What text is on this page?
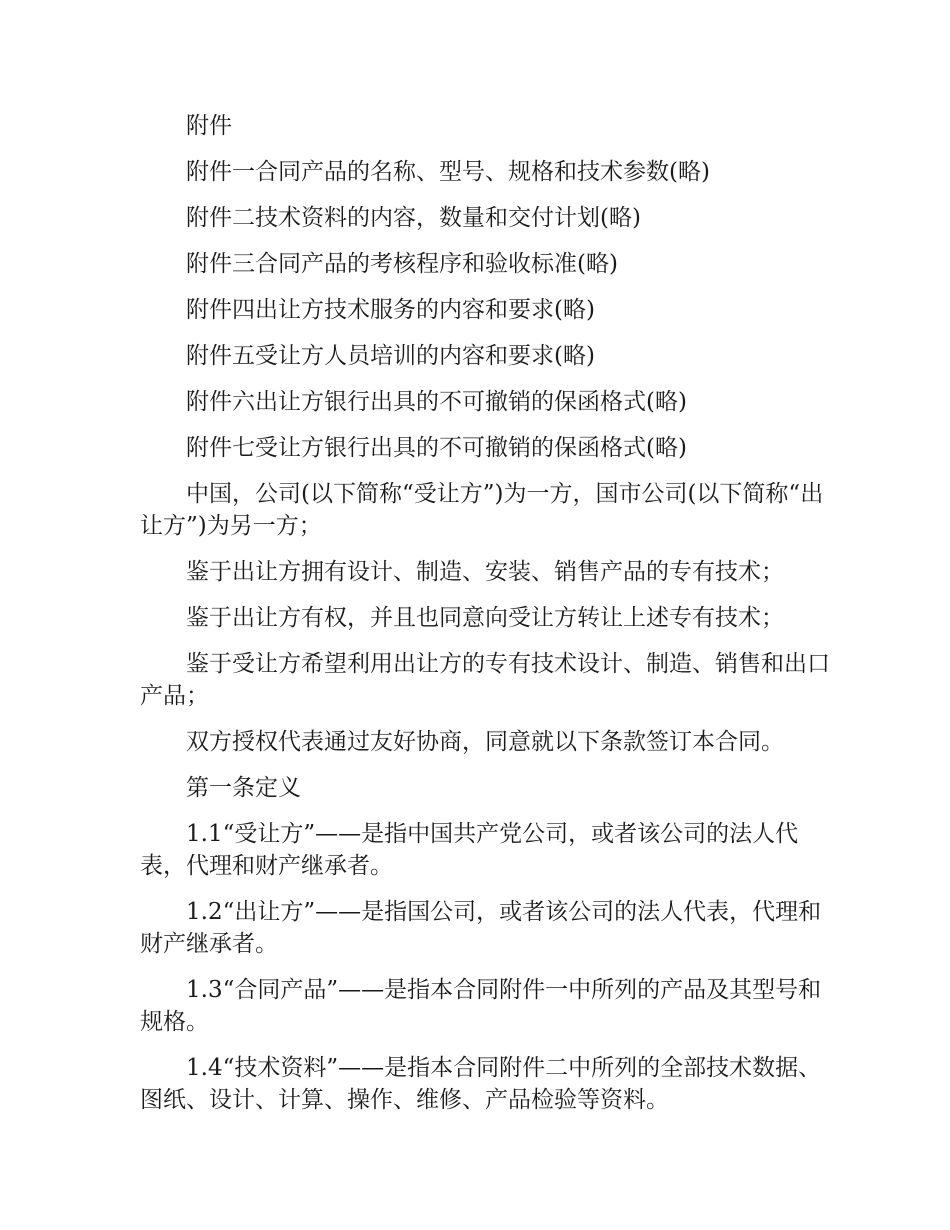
附件

附件一合同产品的名称、型号、规格和技术参数(略)

附件二技术资料的内容，数量和交付计划(略)

附件三合同产品的考核程序和验收标准(略)

附件四出让方技术服务的内容和要求(略)

附件五受让方人员培训的内容和要求(略)

附件六出让方银行出具的不可撤销的保函格式(略)

附件七受让方银行出具的不可撤销的保函格式(略)

中国，公司(以下简称“受让方”)为一方，国市公司(以下简称“出让方”)为另一方；

鉴于出让方拥有设计、制造、安装、销售产品的专有技术；

鉴于出让方有权，并且也同意向受让方转让上述专有技术；

鉴于受让方希望利用出让方的专有技术设计、制造、销售和出口产品；

双方授权代表通过友好协商，同意就以下条款签订本合同。

第一条定义

1.1“受让方”——是指中国共产党公司，或者该公司的法人代表，代理和财产继承者。

1.2“出让方”——是指国公司，或者该公司的法人代表，代理和财产继承者。

1.3“合同产品”——是指本合同附件一中所列的产品及其型号和规格。

1.4“技术资料”——是指本合同附件二中所列的全部技术数据、图纸、设计、计算、操作、维修、产品检验等资料。
